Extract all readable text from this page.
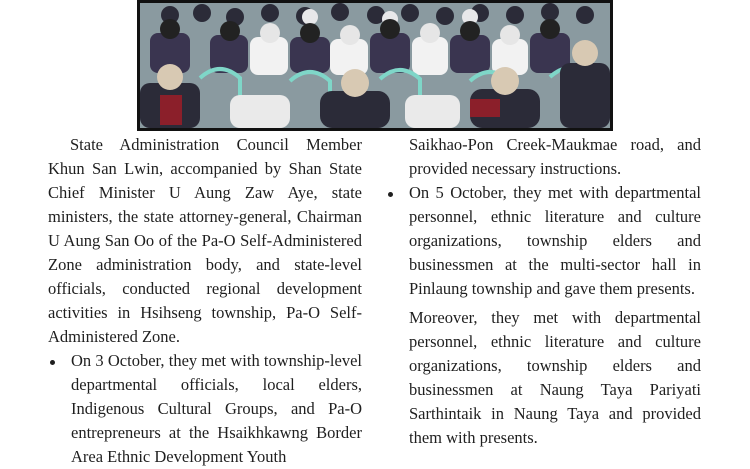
State Administration Council Member Khun San Lwin, accompanied by Shan State Chief Minister U Aung Zaw Aye, state ministers, the state attorney-general, Chairman U Aung San Oo of the Pa-O Self-Administered Zone administration body, and state-level officials, conducted regional development activities in Hsihseng township, Pa-O Self-Administered Zone.

On 3 October, they met with township-level departmental officials, local elders, Indigenous Cultural Groups, and Pa-O entrepreneurs at the Hsaikhkawng Border Area Ethnic Development Youth

Saikhao-Pon Creek-Maukmae road, and provided necessary instructions.

On 5 October, they met with departmental personnel, ethnic literature and culture organizations, township elders and businessmen at the multi-sector hall in Pinlaung township and gave them presents.

Moreover, they met with departmental personnel, ethnic literature and culture organizations, township elders and businessmen at Naung Taya Pariyati Sarthintaik in Naung Taya and provided them with presents.
